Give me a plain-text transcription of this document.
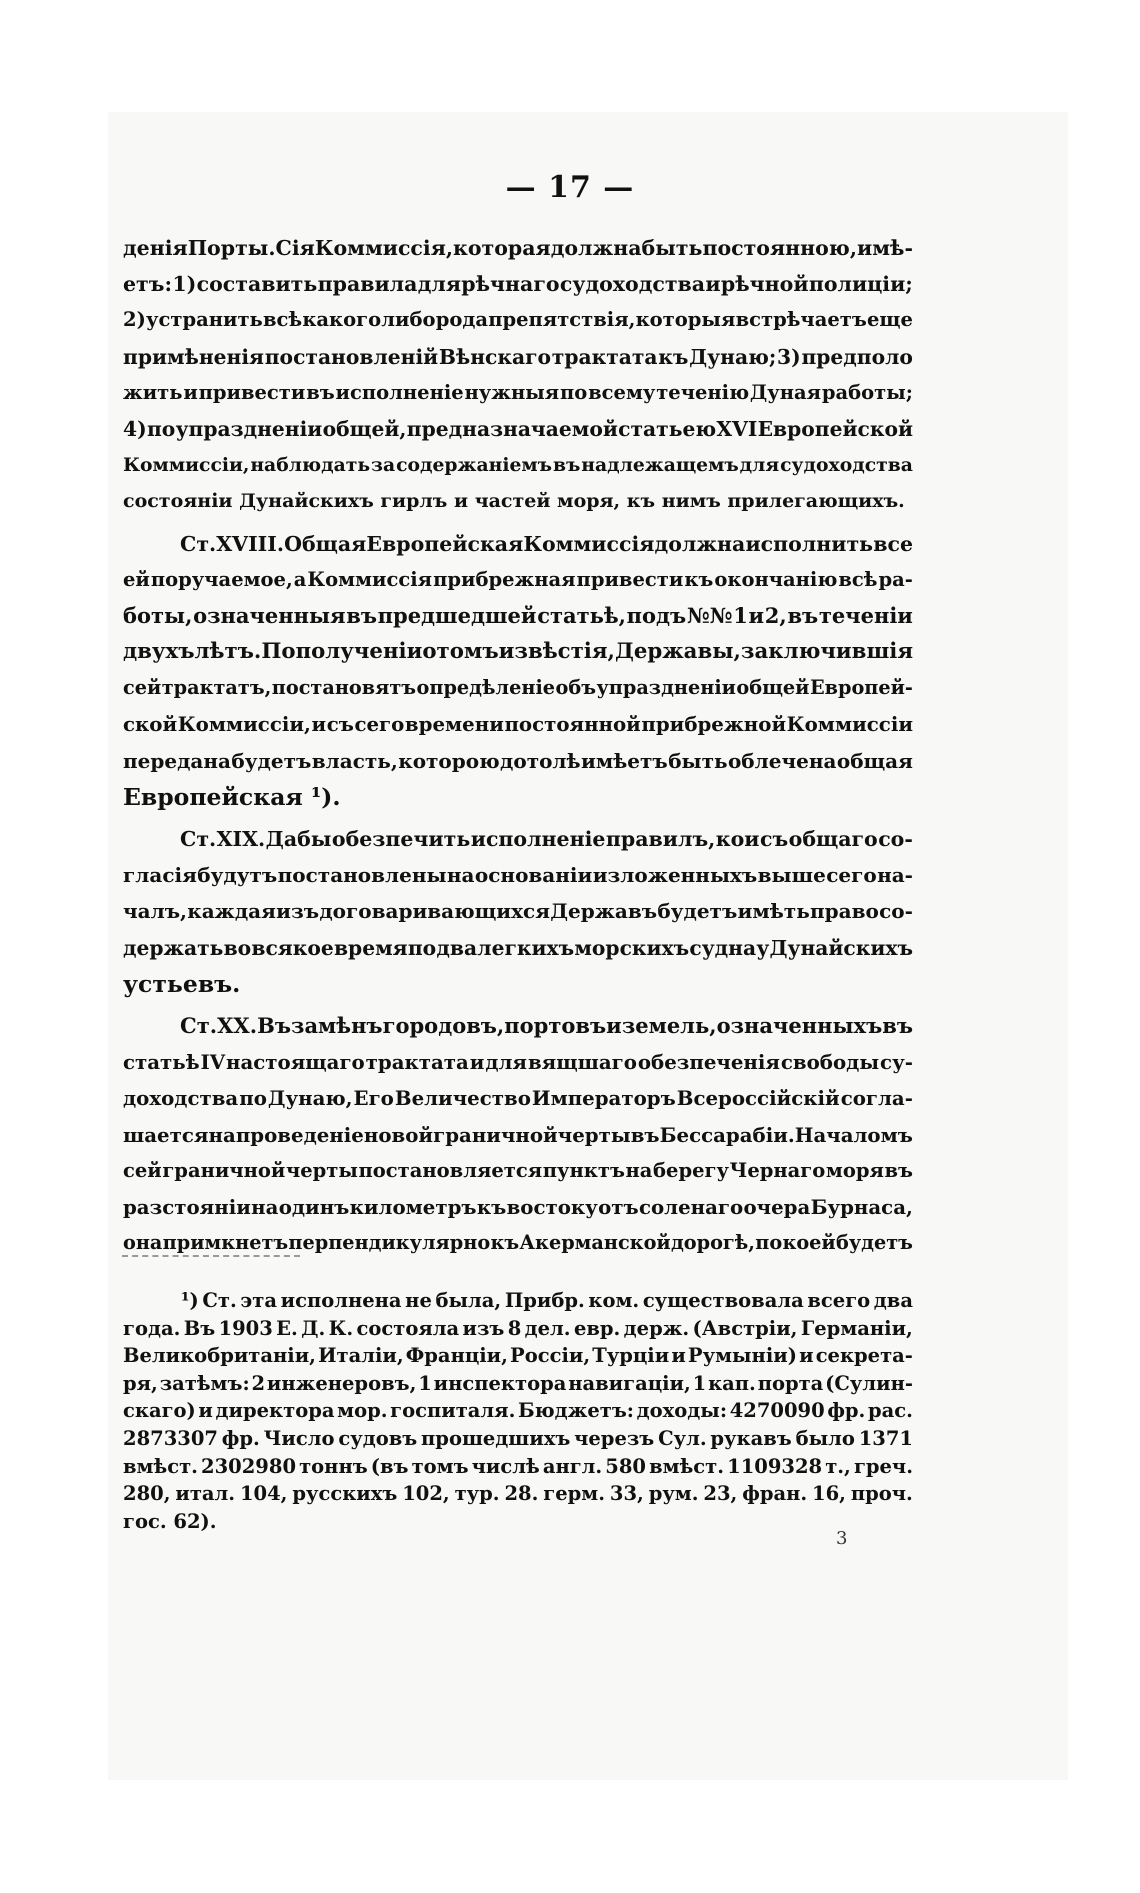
— 17 —
денія Порты. Сія Коммиссія, которая должна быть постоянною, имѣ-
етъ: 1) составить правила для рѣчнаго судоходства и рѣчной полиціи;
2) устранить всѣ какого либо рода препятствія, которыя встрѣчаетъ еще
примѣненія постановленій Вѣнскаго трактата къ Дунаю; 3) предполо
жить и привести въ исполненіе нужныя по всему теченію Дуная работы;
4) по упраздненіи общей, предназначаемой статьею XVI Европейской
Коммиссіи, наблюдать за содержаніемъ въ надлежащемъ для судоходства
состояніи Дунайскихъ гирлъ и частей моря, къ нимъ прилегающихъ.
Ст. XVIII. Общая Европейская Коммиссія должна исполнить все
ей поручаемое, а Коммиссія прибрежная привести къ окончанію всѣ ра-
боты, означенныя въ предшедшей статьѣ, подъ №№ 1 и 2, въ теченіи
двухъ лѣтъ. По полученіи о томъ извѣстія, Державы, заключившія
сей трактатъ, постановятъ опредѣленіе объ упраздненіи общей Европей-
ской Коммиссіи, и съ сего времени постоянной прибрежной Коммиссіи
передана будетъ власть, которою дотолѣ имѣетъ быть облечена общая
Европейская ¹).
Ст. XIX. Дабы обезпечить исполненіе правилъ, кои съ общаго со-
гласія будутъ постановлены на основаніи изложенныхъ выше сего на-
чалъ, каждая изъ договаривающихся Державъ будетъ имѣть право со-
держать во всякое время по два легкихъ морскихъ судна у Дунайскихъ
устьевъ.
Ст. XX. Въ замѣнъ городовъ, портовъ и земель, означенныхъ въ
статьѣ IV настоящаго трактата и для вящшаго обезпеченія свободы су-
доходства по Дунаю, Его Величество Императоръ Всероссійскій согла-
шается на проведеніе новой граничной черты въ Бессарабіи. Началомъ
сей граничной черты постановляется пунктъ на берегу Чернаго моря въ
разстояніи на одинъ километръ къ востоку отъ соленаго очера Бурнаса,
она примкнетъ перпендикулярно къ Акерманской дорогѣ, по коей будетъ
¹) Ст. эта исполнена не была, Прибр. ком. существовала всего два
года. Въ 1903 Е. Д. К. состояла изъ 8 дел. евр. держ. (Австріи, Германіи,
Великобританіи, Италіи, Франціи, Россіи, Турціи и Румыніи) и секрета-
ря, затѣмъ: 2 инженеровъ, 1 инспектора навигаціи, 1 кап. порта (Сулин-
скаго) и директора мор. госпиталя. Бюджетъ: доходы: 4270090 фр. рас.
2873307 фр. Число судовъ прошедшихъ черезъ Сул. рукавъ было 1371
вмѣст. 2302980 тоннъ (въ томъ числѣ англ. 580 вмѣст. 1109328 т., греч.
280, итал. 104, русскихъ 102, тур. 28. герм. 33, рум. 23, фран. 16, проч.
гос. 62).
3
